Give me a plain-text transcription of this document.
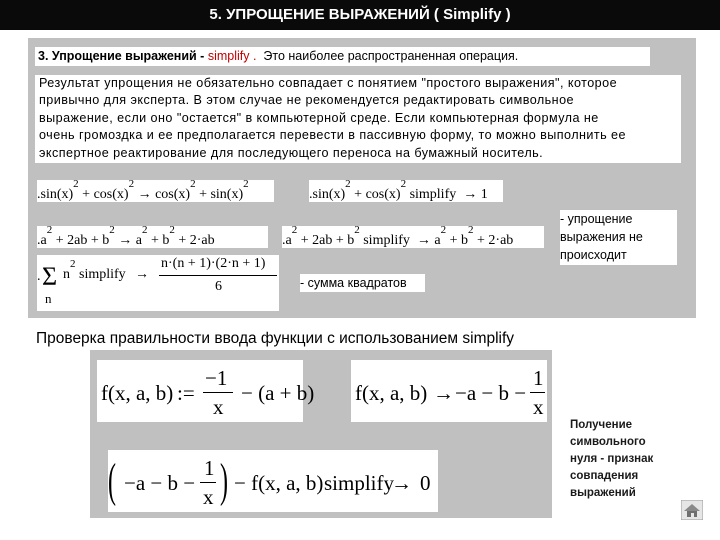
5. УПРОЩЕНИЕ ВЫРАЖЕНИЙ ( Simplify )
3. Упрощение выражений - simplify . Это наиболее распространенная операция.
Результат упрощения не обязательно совпадает с понятием "простого выражения", которое
привычно для эксперта. В этом случае не рекомендуется редактировать символьное
выражение, если оно "остается" в компьютерной среде. Если компьютерная формула не
очень громоздка и ее предполагается перевести в пассивную форму, то можно выполнить ее
экспертное реактирование для последующего переноса на бумажный носитель.
$.\sin(x)^2 + \cos(x)^2 \to \cos(x)^2 + \sin(x)^2$
$.\sin(x)^2 + \cos(x)^2$ simplify → 1
$.a^2 + 2ab + b^2 \to a^2 + b^2 + 2\cdot ab$	$.a^2 + 2ab + b^2$ simplify → $a^2 + b^2 + 2\cdot ab$
- упрощение
выражения не
происходит
. Σ
n
$n^2$ simplify →
n·(n + 1)·(2·n + 1)
6	- сумма квадратов
Проверка правильности ввода функции с использованием simplify
f(x, a, b) :=
−1
x
− (a + b) f(x, a, b) → −a − b −
1
x
( −a − b −
1
x ) − f(x, a, b) simplify
→ 0
Получение
символьного
нуля - признак
совпадения
выражений
